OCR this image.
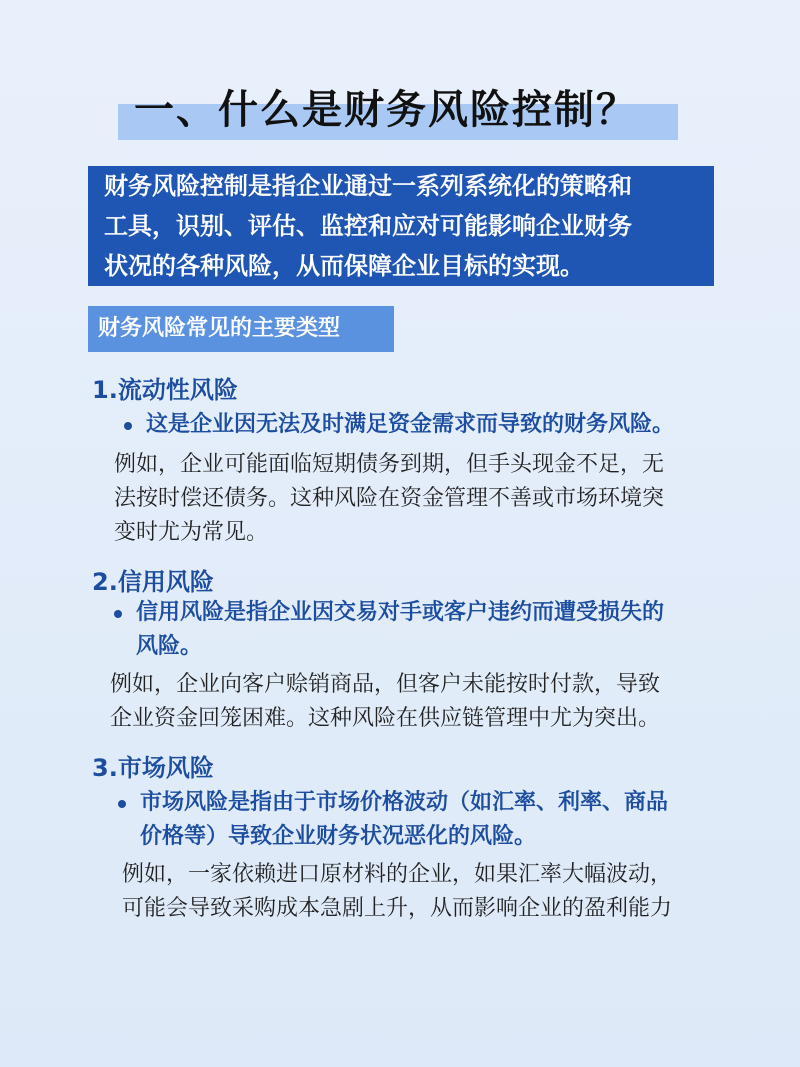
一、什么是财务风险控制？
财务风险控制是指企业通过一系列系统化的策略和
工具，识别、评估、监控和应对可能影响企业财务
状况的各种风险，从而保障企业目标的实现。
财务风险常见的主要类型
1.流动性风险
这是企业因无法及时满足资金需求而导致的财务风险。
例如，企业可能面临短期债务到期，但手头现金不足，无
法按时偿还债务。这种风险在资金管理不善或市场环境突
变时尤为常见。
2.信用风险
信用风险是指企业因交易对手或客户违约而遭受损失的
风险。
例如，企业向客户赊销商品，但客户未能按时付款，导致
企业资金回笼困难。这种风险在供应链管理中尤为突出。
3.市场风险
市场风险是指由于市场价格波动（如汇率、利率、商品
价格等）导致企业财务状况恶化的风险。
例如，一家依赖进口原材料的企业，如果汇率大幅波动，
可能会导致采购成本急剧上升，从而影响企业的盈利能力
